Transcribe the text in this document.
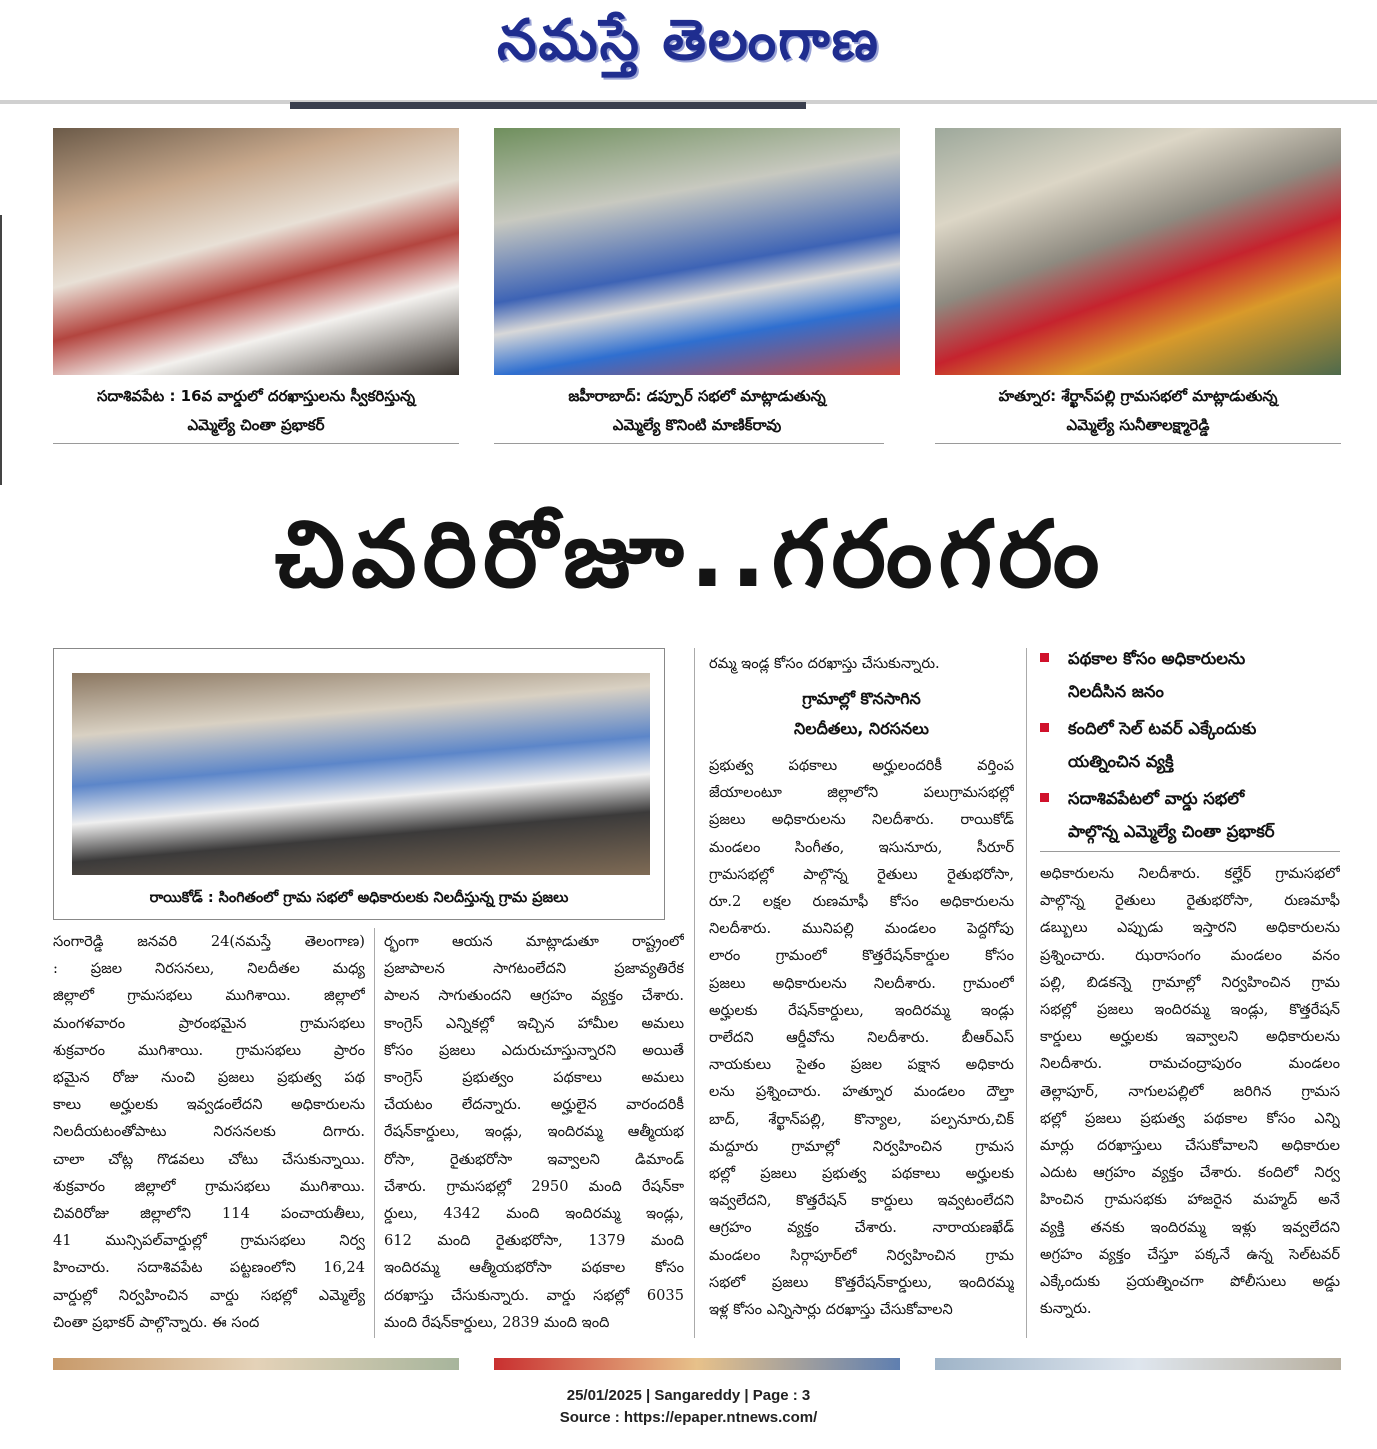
నమస్తే తెలంగాణ
సదాశివపేట : 16వ వార్డులో దరఖాస్తులను స్వీకరిస్తున్న
ఎమ్మెల్యే చింతా ప్రభాకర్
జహీరాబాద్: డప్పూర్ సభలో మాట్లాడుతున్న
ఎమ్మెల్యే కొనింటి మాణిక్‌రావు
హత్నూర: శేర్ఖాన్‌పల్లి గ్రామసభలో మాట్లాడుతున్న
ఎమ్మెల్యే సునీతాలక్ష్మారెడ్డి
చివరిరోజూ..గరంగరం
రాయికోడ్ : సింగితంలో గ్రామ సభలో అధికారులకు నిలదీస్తున్న గ్రామ ప్రజలు
సంగారెడ్డి జనవరి 24(నమస్తే తెలంగాణ)
: ప్రజల నిరసనలు, నిలదీతల మధ్య
జిల్లాలో గ్రామసభలు ముగిశాయి. జిల్లాలో
మంగళవారం ప్రారంభమైన గ్రామసభలు
శుక్రవారం ముగిశాయి. గ్రామసభలు ప్రారం
భమైన రోజు నుంచి ప్రజలు ప్రభుత్వ పథ
కాలు అర్హులకు ఇవ్వడంలేదని అధికారులను
నిలదీయటంతోపాటు నిరసనలకు దిగారు.
చాలా చోట్ల గొడవలు చోటు చేసుకున్నాయి.
శుక్రవారం జిల్లాలో గ్రామసభలు ముగిశాయి.
చివరిరోజు జిల్లాలోని 114 పంచాయతీలు,
41 మున్సిపల్‌వార్డుల్లో గ్రామసభలు నిర్వ
హించారు. సదాశివపేట పట్టణంలోని 16,24
వార్డుల్లో నిర్వహించిన వార్డు సభల్లో ఎమ్మెల్యే
చింతా ప్రభాకర్ పాల్గొన్నారు. ఈ సంద
ర్భంగా ఆయన మాట్లాడుతూ రాష్ట్రంలో
ప్రజాపాలన సాగటంలేదని ప్రజావ్యతిరేక
పాలన సాగుతుందని ఆగ్రహం వ్యక్తం చేశారు.
కాంగ్రెస్ ఎన్నికల్లో ఇచ్చిన హామీల అమలు
కోసం ప్రజలు ఎదురుచూస్తున్నారని అయితే
కాంగ్రెస్ ప్రభుత్వం పథకాలు అమలు
చేయటం లేదన్నారు. అర్హులైన వారందరికీ
రేషన్‌కార్డులు, ఇండ్లు, ఇందిరమ్మ ఆత్మీయభ
రోసా, రైతుభరోసా ఇవ్వాలని డిమాండ్
చేశారు. గ్రామసభల్లో 2950 మంది రేషన్‌కా
ర్డులు, 4342 మంది ఇందిరమ్మ ఇండ్లు,
612 మంది రైతుభరోసా, 1379 మంది
ఇందిరమ్మ ఆత్మీయభరోసా పథకాల కోసం
దరఖాస్తు చేసుకున్నారు. వార్డు సభల్లో 6035
మంది రేషన్‌కార్డులు, 2839 మంది ఇంది
రమ్మ ఇండ్ల కోసం దరఖాస్తు చేసుకున్నారు.
గ్రామాల్లో కొనసాగిన
నిలదీతలు, నిరసనలు
ప్రభుత్వ పథకాలు అర్హులందరికీ వర్తింప
జేయాలంటూ జిల్లాలోని పలుగ్రామసభల్లో
ప్రజలు అధికారులను నిలదీశారు. రాయికోడ్
మండలం సింగీతం, ఇసునూరు, సీరూర్
గ్రామసభల్లో పాల్గొన్న రైతులు రైతుభరోసా,
రూ.2 లక్షల రుణమాఫీ కోసం అధికారులను
నిలదీశారు. మునిపల్లి మండలం పెద్దగోపు
లారం గ్రామంలో కొత్తరేషన్‌కార్డుల కోసం
ప్రజలు అధికారులను నిలదీశారు. గ్రామంలో
అర్హులకు రేషన్‌కార్డులు, ఇందిరమ్మ ఇండ్లు
రాలేదని ఆర్డీవోను నిలదీశారు. బీఆర్‌ఎస్
నాయకులు సైతం ప్రజల పక్షాన అధికారు
లను ప్రశ్నించారు. హత్నూర మండలం దౌల్తా
బాద్, శేర్ఖాన్‌పల్లి, కొన్యాల, పల్పనూరు,చిక్
మద్దూరు గ్రామాల్లో నిర్వహించిన గ్రామస
భల్లో ప్రజలు ప్రభుత్వ పథకాలు అర్హులకు
ఇవ్వలేదని, కొత్తరేషన్ కార్డులు ఇవ్వటంలేదని
ఆగ్రహం వ్యక్తం చేశారు. నారాయణఖేడ్
మండలం సిర్గాపూర్‌లో నిర్వహించిన గ్రామ
సభలో ప్రజలు కొత్తరేషన్‌కార్డులు, ఇందిరమ్మ
ఇళ్ల కోసం ఎన్నిసార్లు దరఖాస్తు చేసుకోవాలని
పథకాల కోసం అధికారులను
నిలదీసిన జనం
కందిలో సెల్ టవర్ ఎక్కేందుకు
యత్నించిన వ్యక్తి
సదాశివపేటలో వార్డు సభలో
పాల్గొన్న ఎమ్మెల్యే చింతా ప్రభాకర్
అధికారులను నిలదీశారు. కల్హేర్ గ్రామసభలో
పాల్గొన్న రైతులు రైతుభరోసా, రుణమాఫీ
డబ్బులు ఎప్పుడు ఇస్తారని అధికారులను
ప్రశ్నించారు. ఝరాసంగం మండలం వనం
పల్లి, బిడకన్నె గ్రామాల్లో నిర్వహించిన గ్రామ
సభల్లో ప్రజలు ఇందిరమ్మ ఇండ్లు, కొత్తరేషన్
కార్డులు అర్హులకు ఇవ్వాలని అధికారులను
నిలదీశారు. రామచంద్రాపురం మండలం
తెల్లాపూర్, నాగులపల్లిలో జరిగిన గ్రామస
భల్లో ప్రజలు ప్రభుత్వ పథకాల కోసం ఎన్ని
మార్లు దరఖాస్తులు చేసుకోవాలని అధికారుల
ఎదుట ఆగ్రహం వ్యక్తం చేశారు. కందిలో నిర్వ
హించిన గ్రామసభకు హాజరైన మహ్మద్ అనే
వ్యక్తి తనకు ఇందిరమ్మ ఇళ్లు ఇవ్వలేదని
అగ్రహం వ్యక్తం చేస్తూ పక్కనే ఉన్న సెల్‌టవర్
ఎక్కేందుకు ప్రయత్నించగా పోలీసులు అడ్డు
కున్నారు.
25/01/2025 | Sangareddy | Page : 3
Source : https://epaper.ntnews.com/
